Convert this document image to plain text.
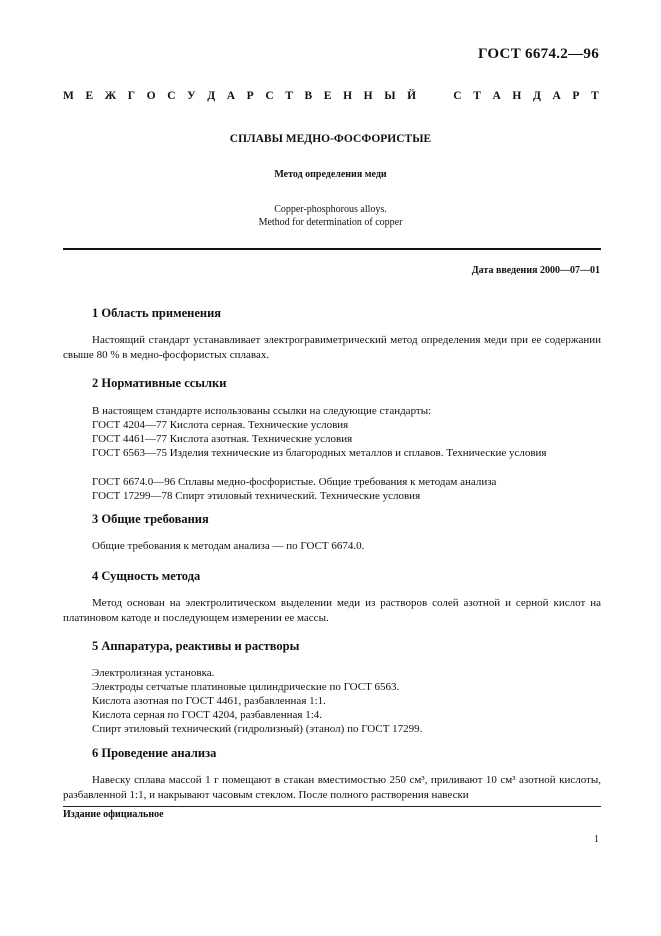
ГОСТ 6674.2—96
М Е Ж Г О С У Д А Р С Т В Е Н Н Ы Й	С Т А Н Д А Р Т
СПЛАВЫ МЕДНО-ФОСФОРИСТЫЕ
Метод определения меди
Copper-phosphorous alloys.
Method for determination of copper
Дата введения 2000—07—01
1 Область применения
Настоящий стандарт устанавливает электрогравиметрический метод определения меди при ее содержании свыше 80 % в медно-фосфористых сплавах.
2 Нормативные ссылки
В настоящем стандарте использованы ссылки на следующие стандарты:
ГОСТ 4204—77 Кислота серная. Технические условия
ГОСТ 4461—77 Кислота азотная. Технические условия
ГОСТ 6563—75 Изделия технические из благородных металлов и сплавов. Технические условия
ГОСТ 6674.0—96 Сплавы медно-фосфористые. Общие требования к методам анализа
ГОСТ 17299—78 Спирт этиловый технический. Технические условия
3 Общие требования
Общие требования к методам анализа — по ГОСТ 6674.0.
4 Сущность метода
Метод основан на электролитическом выделении меди из растворов солей азотной и серной кислот на платиновом катоде и последующем измерении ее массы.
5 Аппаратура, реактивы и растворы
Электролизная установка.
Электроды сетчатые платиновые цилиндрические по ГОСТ 6563.
Кислота азотная по ГОСТ 4461, разбавленная 1:1.
Кислота серная по ГОСТ 4204, разбавленная 1:4.
Спирт этиловый технический (гидролизный) (этанол) по ГОСТ 17299.
6 Проведение анализа
Навеску сплава массой 1 г помещают в стакан вместимостью 250 см³, приливают 10 см³ азотной кислоты, разбавленной 1:1, и накрывают часовым стеклом. После полного растворения навески
Издание официальное
1
